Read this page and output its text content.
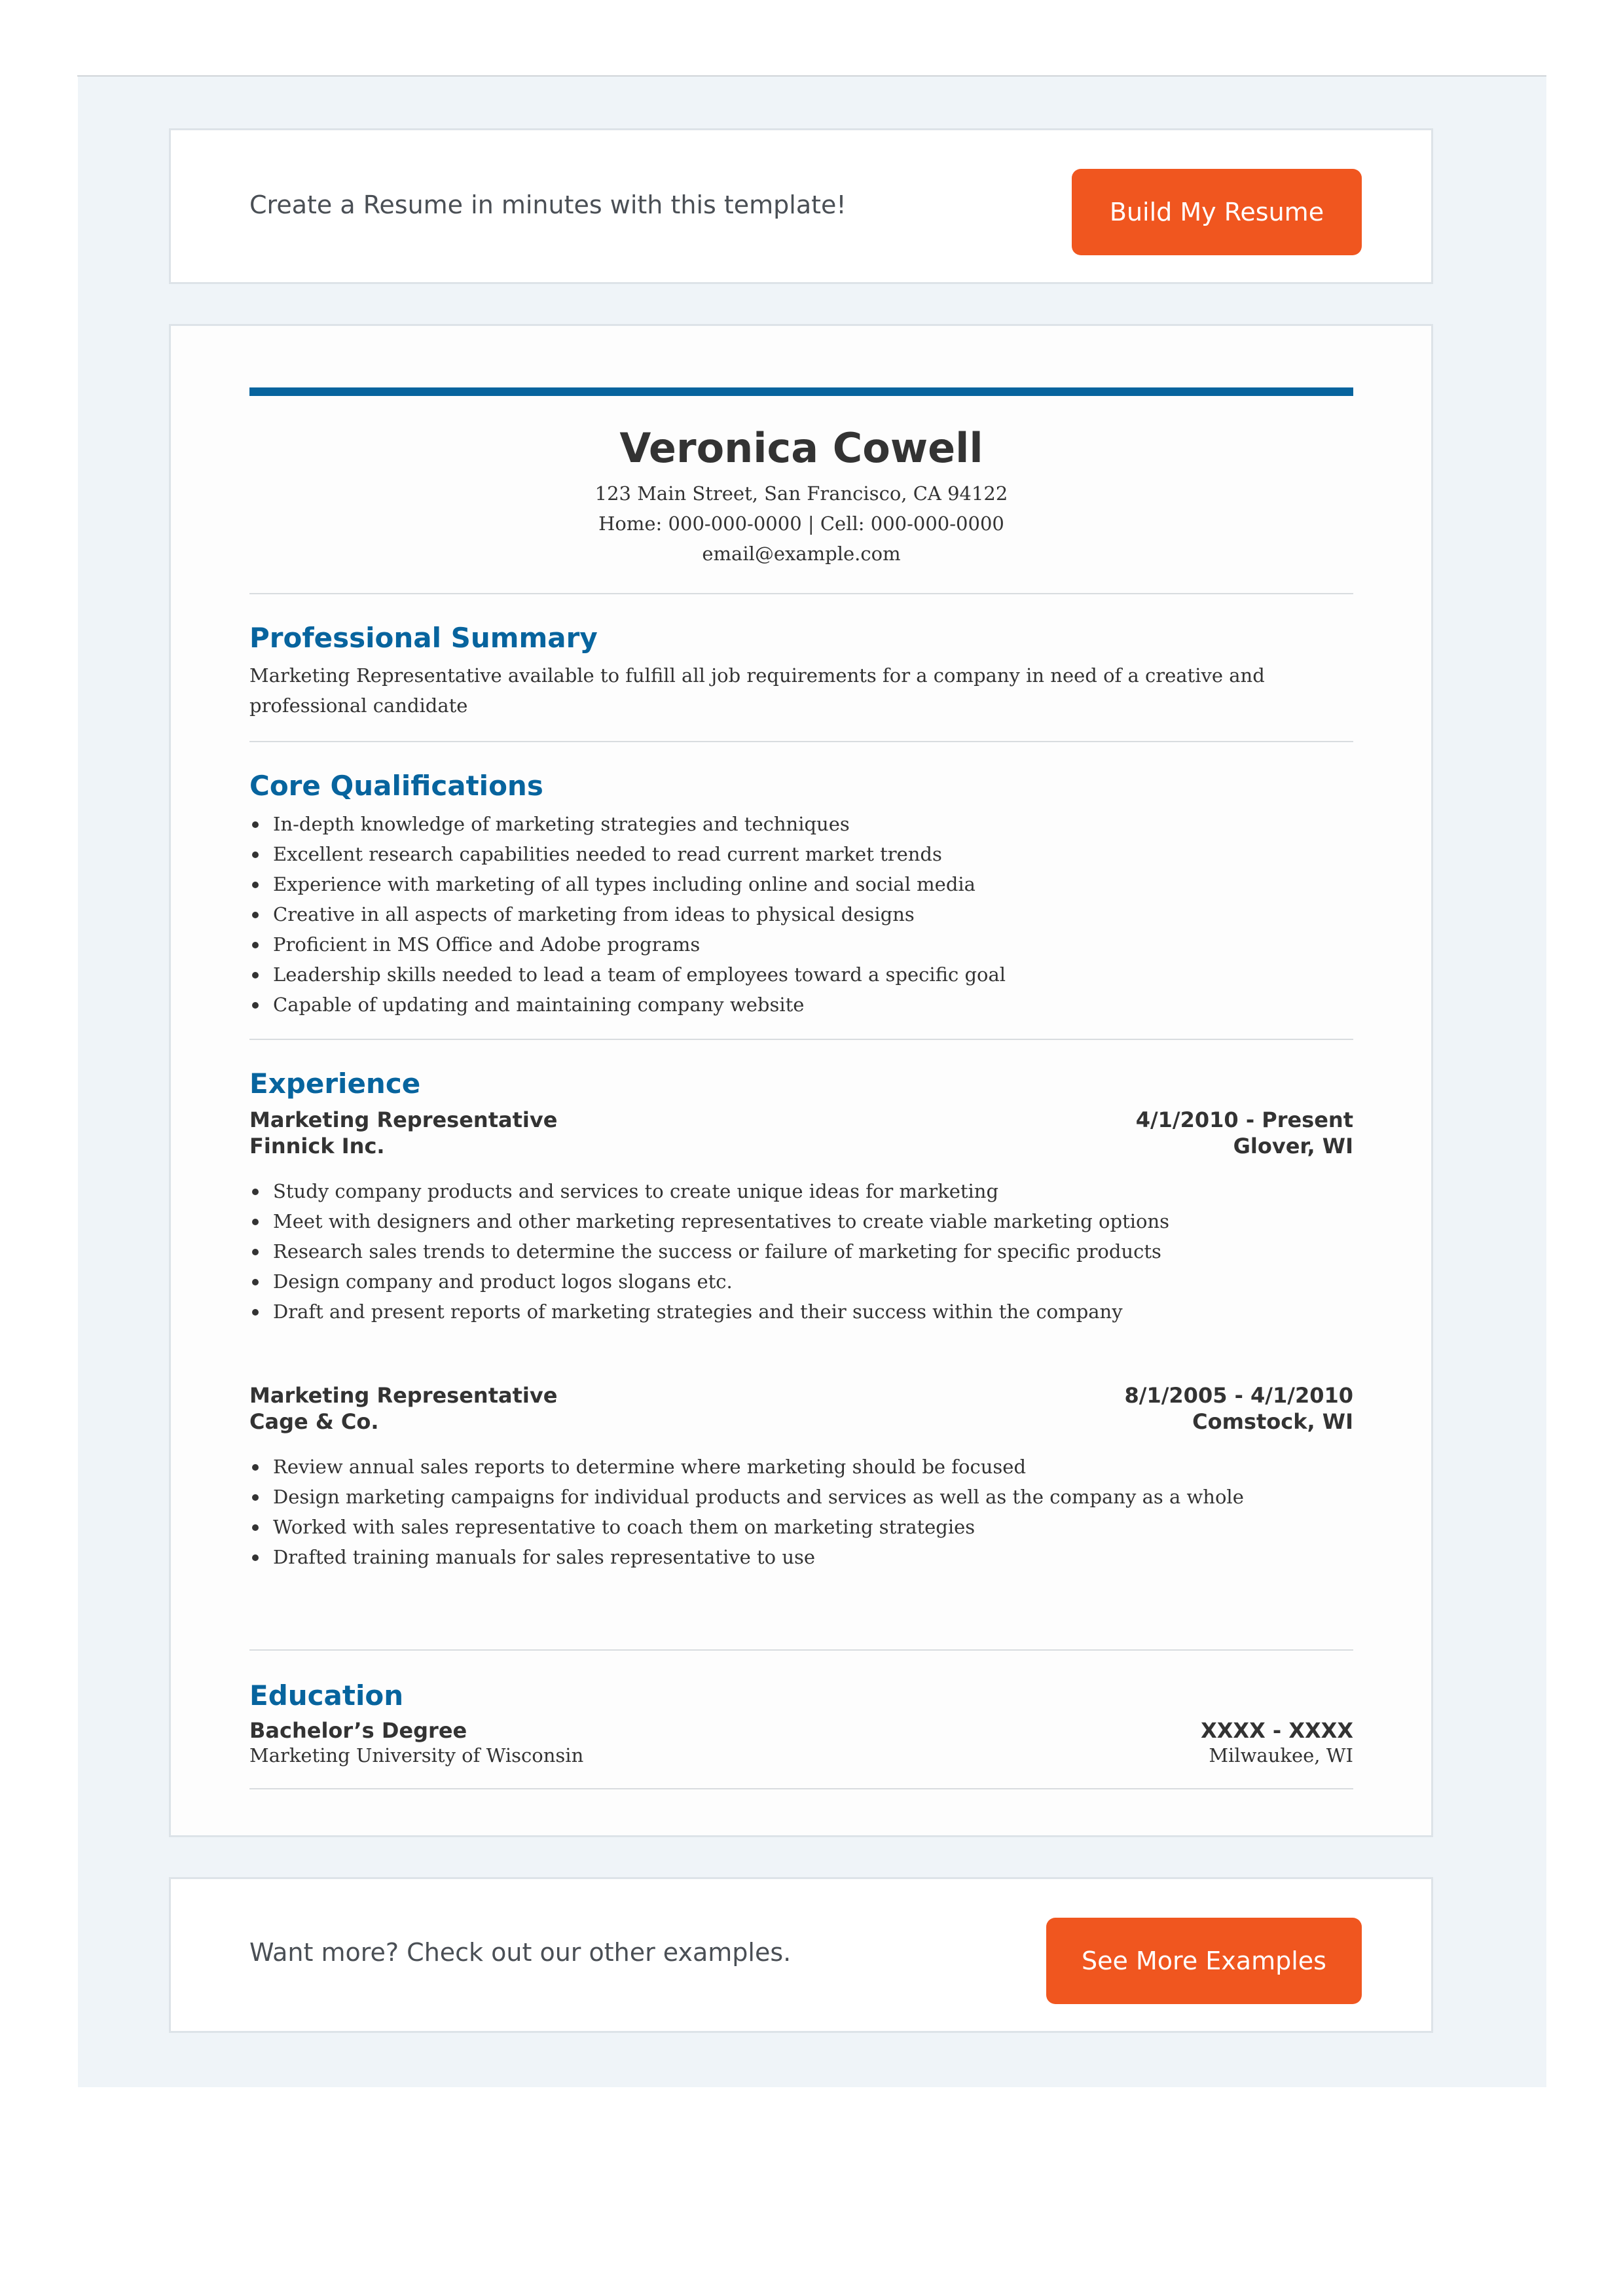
Create a Resume in minutes with this template!	Build My Resume
Veronica Cowell
123 Main Street, San Francisco, CA 94122
Home: 000-000-0000 | Cell: 000-000-0000
email@example.com
Professional Summary
Marketing Representative available to fulfill all job requirements for a company in need of a creative and professional candidate
Core Qualifications
In-depth knowledge of marketing strategies and techniques
Excellent research capabilities needed to read current market trends
Experience with marketing of all types including online and social media
Creative in all aspects of marketing from ideas to physical designs
Proficient in MS Office and Adobe programs
Leadership skills needed to lead a team of employees toward a specific goal
Capable of updating and maintaining company website
Experience
Marketing Representative	4/1/2010 - Present
Finnick Inc.	Glover, WI
Study company products and services to create unique ideas for marketing
Meet with designers and other marketing representatives to create viable marketing options
Research sales trends to determine the success or failure of marketing for specific products
Design company and product logos slogans etc.
Draft and present reports of marketing strategies and their success within the company
Marketing Representative	8/1/2005 - 4/1/2010
Cage & Co.	Comstock, WI
Review annual sales reports to determine where marketing should be focused
Design marketing campaigns for individual products and services as well as the company as a whole
Worked with sales representative to coach them on marketing strategies
Drafted training manuals for sales representative to use
Education
Bachelor’s Degree	XXXX - XXXX
Marketing University of Wisconsin	Milwaukee, WI
Want more? Check out our other examples.	See More Examples
